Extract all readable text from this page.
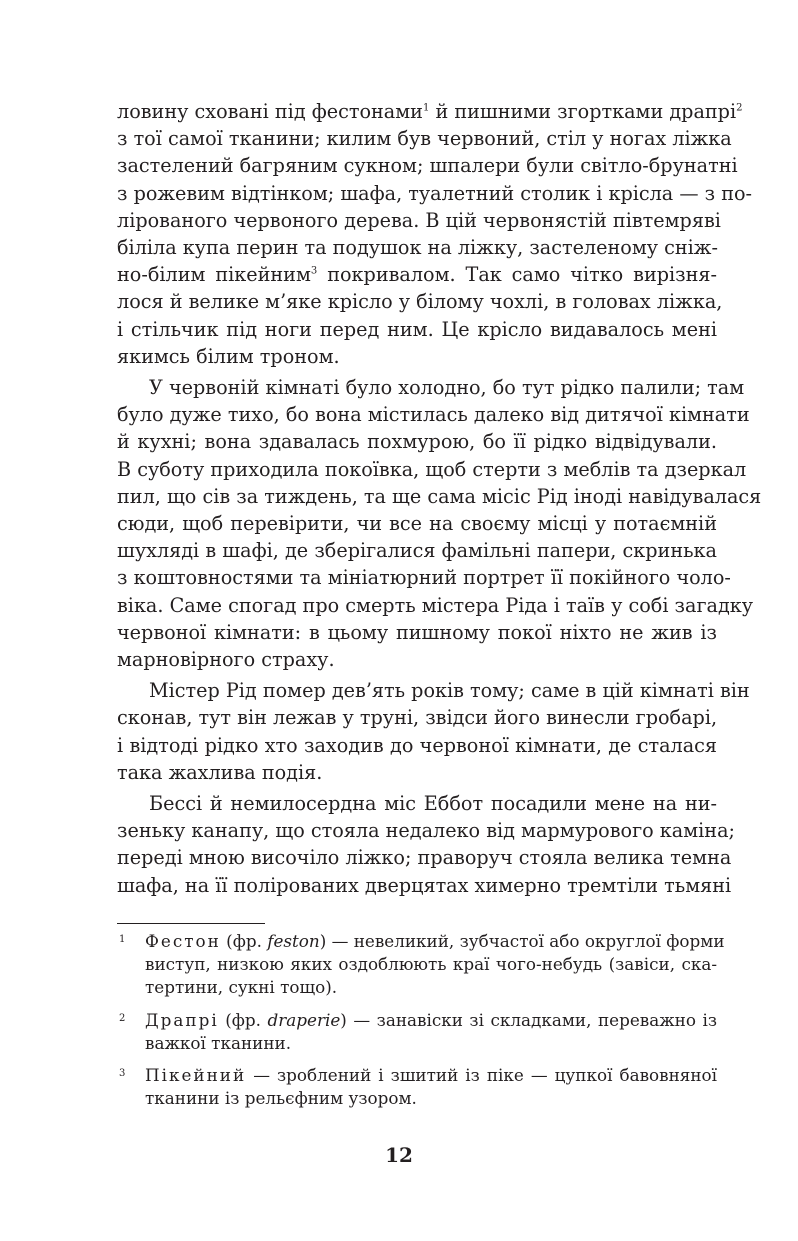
ловину сховані під фестонами$^1$ й пишними згортками драпрі$^2$
з тої самої тканини; килим був червоний, стіл у ногах ліжка
застелений багряним сукном; шпалери були світло-брунатні
з рожевим відтінком; шафа, туалетний столик і крісла — з по-
лірованого червоного дерева. В цій червонястій півтемряві
біліла купа перин та подушок на ліжку, застеленому сніж-
но-білим пікейним$^3$ покривалом. Так само чітко вирізня-
лося й велике м’яке крісло у білому чохлі, в головах ліжка,
і стільчик під ноги перед ним. Це крісло видавалось мені
якимсь білим троном.
У червоній кімнаті було холодно, бо тут рідко палили; там
було дуже тихо, бо вона містилась далеко від дитячої кімнати
й кухні; вона здавалась похмурою, бо її рідко відвідували.
В суботу приходила покоївка, щоб стерти з меблів та дзеркал
пил, що сів за тиждень, та ще сама місіс Рід іноді навідувалася
сюди, щоб перевірити, чи все на своєму місці у потаємній
шухляді в шафі, де зберігалися фамільні папери, скринька
з коштовностями та мініатюрний портрет її покійного чоло-
віка. Саме спогад про смерть містера Ріда і таїв у собі загадку
червоної кімнати: в цьому пишному покої ніхто не жив із
марновірного страху.
Містер Рід помер дев’ять років тому; саме в цій кімнаті він
сконав, тут він лежав у труні, звідси його винесли гробарі,
і відтоді рідко хто заходив до червоної кімнати, де сталася
така жахлива подія.
Бессі й немилосердна міс Еббот посадили мене на ни-
зеньку канапу, що стояла недалеко від мармурового каміна;
переді мною височіло ліжко; праворуч стояла велика темна
шафа, на її полірованих дверцятах химерно тремтіли тьмяні
1 Фестон (фр. feston) — невеликий, зубчастої або округлої форми
виступ, низкою яких оздоблюють краї чого-небудь (завіси, ска-
тертини, сукні тощо).
2 Драпрі (фр. draperie) — занавіски зі складками, переважно із
важкої тканини.
3 Пікейний — зроблений і зшитий із піке — цупкої бавовняної
тканини із рельєфним узором.
12
